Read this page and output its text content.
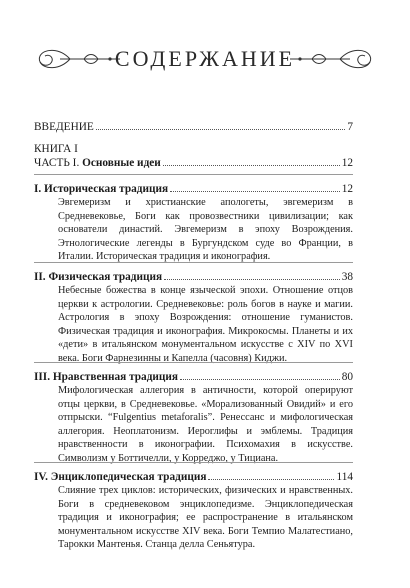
СОДЕРЖАНИЕ
ВВЕДЕНИЕ	7
КНИГА I
ЧАСТЬ I. Основные идеи	12
I. Историческая традиция	12
Эвгемеризм и христианские апологеты, эвгемеризм в Средневековье, Боги как провозвестники цивилизации; как основатели династий. Эвгемеризм в эпоху Возрождения. Этнологические легенды в Бургундском суде во Франции, в Италии. Историческая традиция и иконография.
II. Физическая традиция	38
Небесные божества в конце языческой эпохи. Отношение отцов церкви к астрологии. Средневековье: роль богов в науке и магии. Астрология в эпоху Возрождения: отношение гуманистов. Физическая традиция и иконография. Микрокосмы. Планеты и их «дети» в итальянском монументальном искусстве с XIV по XVI века. Боги Фарнезинны и Капелла (часовня) Киджи.
III. Нравственная традиция	80
Мифологическая аллегория в античности, которой оперируют отцы церкви, в Средневековье. «Морализованный Овидий» и его отпрыски. “Fulgentius metaforalis”. Ренессанс и мифологическая аллегория. Неоплатонизм. Иероглифы и эмблемы. Традиция нравственности в иконографии. Психомахия в искусстве. Символизм у Боттичелли, у Корреджо, у Тициана.
IV. Энциклопедическая традиция	114
Слияние трех циклов: исторических, физических и нравственных. Боги в средневековом энциклопедизме. Энциклопедическая традиция и иконография; ее распространение в итальянском монументальном искусстве XIV века. Боги Темпио Малатестиано, Тарокки Мантенья. Станца делла Сеньятура.
